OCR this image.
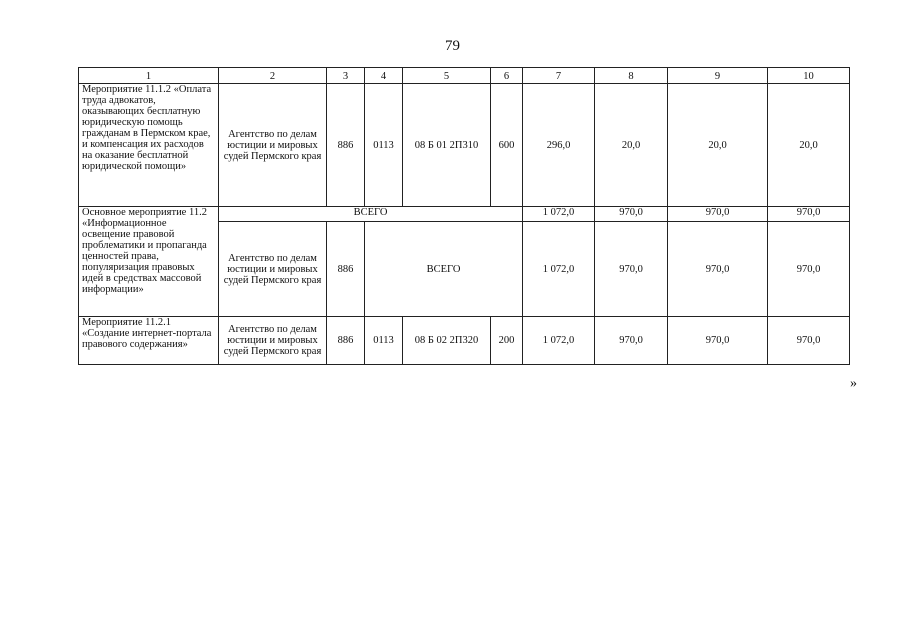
79
1	2	3	4	5	6	7	8	9	10
Мероприятие 11.1.2 «Оплата труда адвокатов, оказывающих бесплатную юридическую помощь гражданам в Пермском крае, и компенсация их расходов на оказание бесплатной юридической помощи»	Агентство по делам юстиции и мировых судей Пермского края	886	0113	08 Б 01 2П310	600	296,0	20,0	20,0	20,0
Основное мероприятие 11.2 «Информационное освещение правовой проблематики и пропаганда ценностей права, популяризация правовых идей в средствах массовой информации»	ВСЕГО					1 072,0	970,0	970,0	970,0
	Агентство по делам юстиции и мировых судей Пермского края	886	ВСЕГО			1 072,0	970,0	970,0	970,0
Мероприятие 11.2.1 «Создание интернет-портала правового содержания»	Агентство по делам юстиции и мировых судей Пермского края	886	0113	08 Б 02 2П320	200	1 072,0	970,0	970,0	970,0
»
